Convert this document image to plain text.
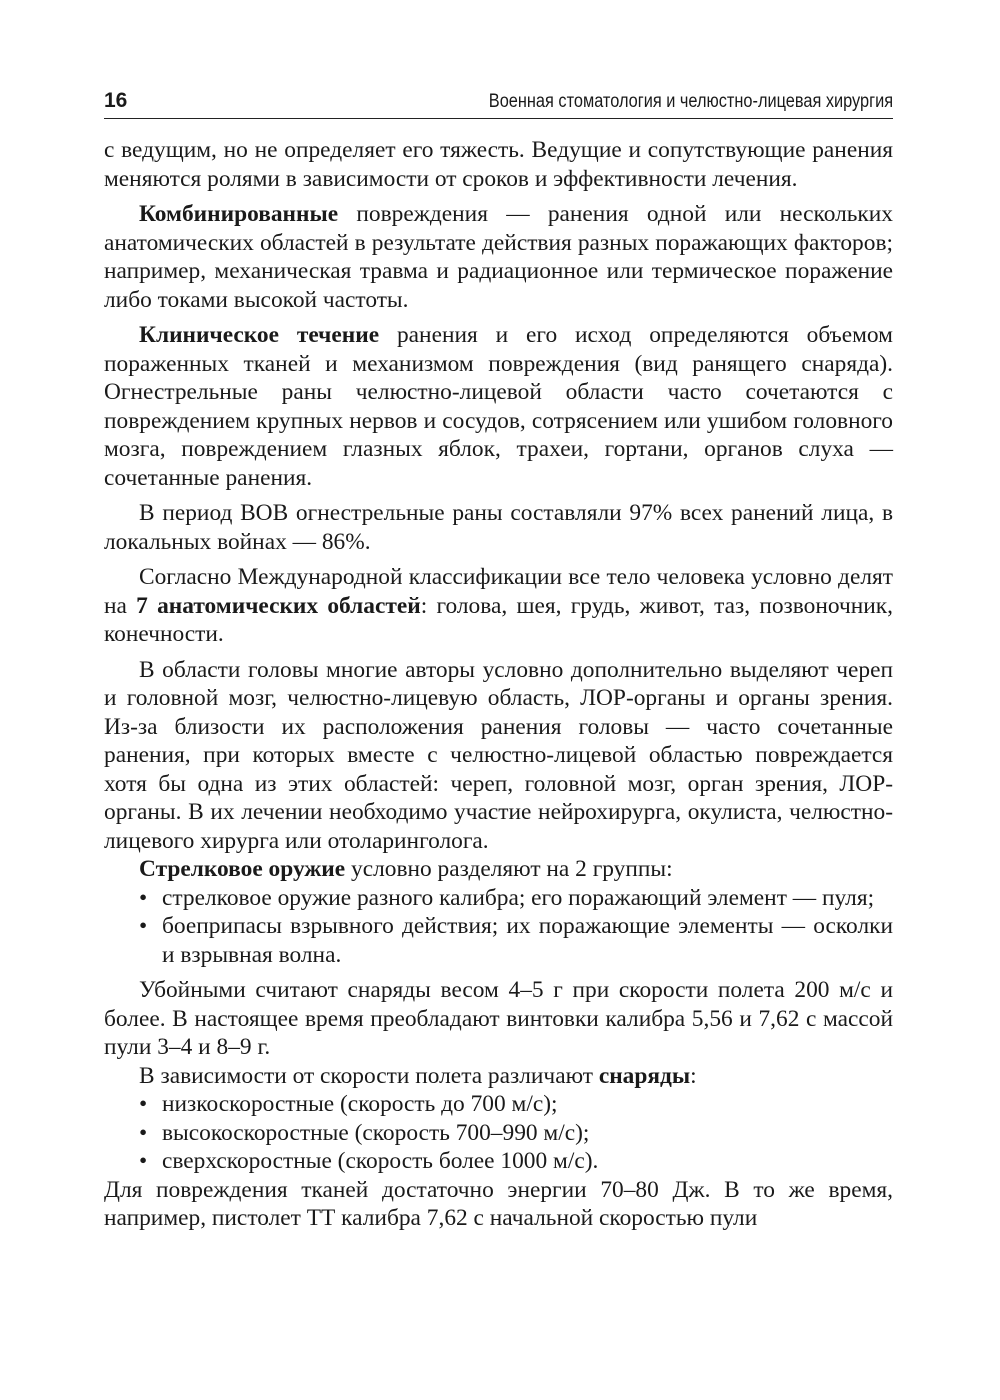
16	Военная стоматология и челюстно-лицевая хирургия

с ведущим, но не определяет его тяжесть. Ведущие и сопутствующие ранения меняются ролями в зависимости от сроков и эффективности лечения.

Комбинированные повреждения — ранения одной или нескольких анатомических областей в результате действия разных поражающих факторов; например, механическая травма и радиационное или термическое поражение либо токами высокой частоты.

Клиническое течение ранения и его исход определяются объемом пораженных тканей и механизмом повреждения (вид ранящего снаряда). Огнестрельные раны челюстно-лицевой области часто сочетаются с повреждением крупных нервов и сосудов, сотрясением или ушибом головного мозга, повреждением глазных яблок, трахеи, гортани, органов слуха — сочетанные ранения.

В период ВОВ огнестрельные раны составляли 97% всех ранений лица, в локальных войнах — 86%.

Согласно Международной классификации все тело человека условно делят на 7 анатомических областей: голова, шея, грудь, живот, таз, позвоночник, конечности.

В области головы многие авторы условно дополнительно выделяют череп и головной мозг, челюстно-лицевую область, ЛОР-органы и органы зрения. Из-за близости их расположения ранения головы — часто сочетанные ранения, при которых вместе с челюстно-лицевой областью повреждается хотя бы одна из этих областей: череп, головной мозг, орган зрения, ЛОР-органы. В их лечении необходимо участие нейрохирурга, окулиста, челюстно-лицевого хирурга или отоларинголога.

Стрелковое оружие условно разделяют на 2 группы:

• стрелковое оружие разного калибра; его поражающий элемент — пуля;
• боеприпасы взрывного действия; их поражающие элементы — осколки и взрывная волна.

Убойными считают снаряды весом 4–5 г при скорости полета 200 м/с и более. В настоящее время преобладают винтовки калибра 5,56 и 7,62 с массой пули 3–4 и 8–9 г.

В зависимости от скорости полета различают снаряды:

• низкоскоростные (скорость до 700 м/с);
• высокоскоростные (скорость 700–990 м/с);
• сверхскоростные (скорость более 1000 м/с).

Для повреждения тканей достаточно энергии 70–80 Дж. В то же время, например, пистолет ТТ калибра 7,62 с начальной скоростью пули
